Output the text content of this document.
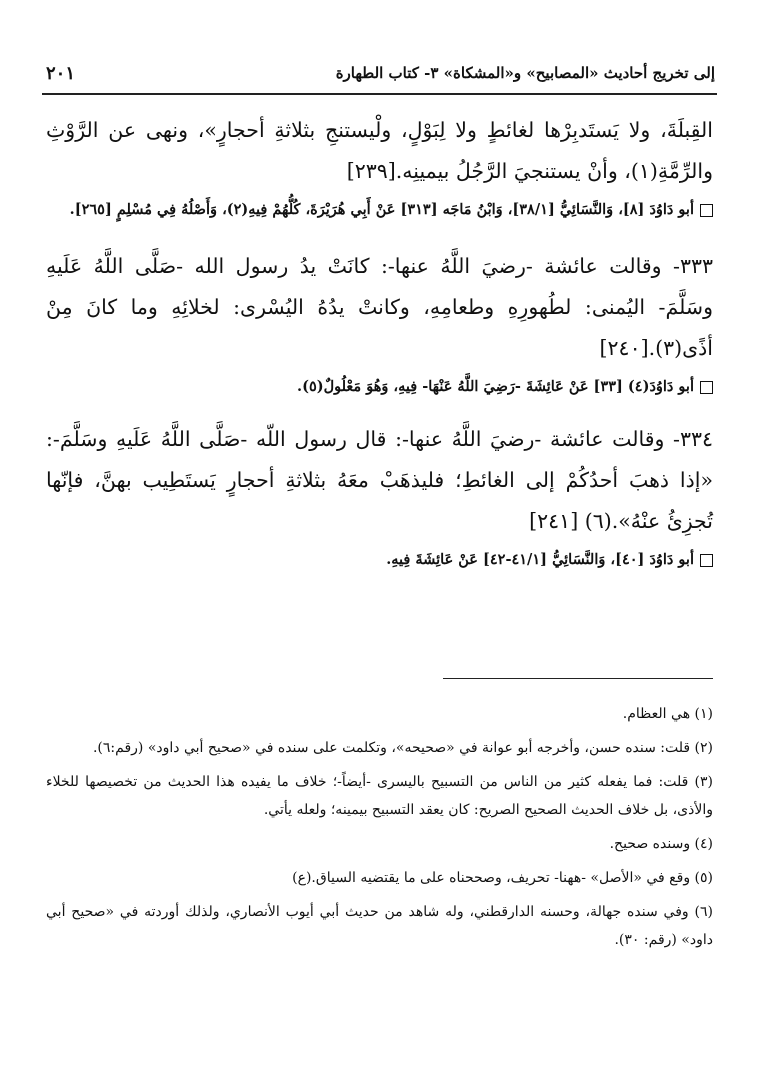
إلى تخريج أحاديث «المصابيح» و«المشكاة» ٣- كتاب الطهارة
٢٠١

القِبلَةَ، ولا يَستَدبِرْها لغائطٍ ولا لِبَوْلٍ، ولْيستنجِ بثلاثةِ أحجارٍ»، ونهى عن الرَّوْثِ والرِّمَّةِ(١)، وأنْ يستنجيَ الرَّجُلُ بيمينِه.[٢٣٩]

أبو دَاوُدَ [٨]، وَالنَّسَائِيُّ [٣٨/١]، وَابْنُ مَاجَه [٣١٣] عَنْ أَبِي هُرَيْرَةَ، كُلُّهُمْ فِيهِ(٢)، وَأَصْلُهُ فِي مُسْلِمٍ [٢٦٥].

٣٣٣- وقالت عائشة -رضيَ اللَّهُ عنها-: كانَتْ يدُ رسول الله -صَلَّى اللَّهُ عَلَيهِ وسَلَّمَ- اليُمنى: لطُهورِهِ وطعامِهِ، وكانتْ يدُهُ اليُسْرى: لخلائِهِ وما كانَ مِنْ أذًى(٣).[٢٤٠]

أبو دَاوُدَ(٤) [٣٣] عَنْ عَائِشَةَ -رَضِيَ اللَّهُ عَنْهَا- فِيهِ، وَهُوَ مَعْلُولٌ(٥).

٣٣٤- وقالت عائشة -رضيَ اللَّهُ عنها-: قال رسول اللّه -صَلَّى اللَّهُ عَلَيهِ وسَلَّمَ-: «إذا ذهبَ أحدُكُمْ إلى الغائطِ؛ فليذهَبْ معَهُ بثلاثةِ أحجارٍ يَستَطِيب بهنَّ، فإنّها تُجزِئُ عنْهُ».(٦) [٢٤١]

أبو دَاوُدَ [٤٠]، وَالنَّسَائِيُّ [٤١/١-٤٢] عَنْ عَائِشَةَ فِيهِ.

(١) هي العظام.

(٢) قلت: سنده حسن، وأخرجه أبو عوانة في «صحيحه»، وتكلمت على سنده في «صحيح أبي داود» (رقم:٦).

(٣) قلت: فما يفعله كثير من الناس من التسبيح باليسرى -أيضاً-؛ خلاف ما يفيده هذا الحديث من تخصيصها للخلاء والأذى، بل خلاف الحديث الصحيح الصريح: كان يعقد التسبيح بيمينه؛ ولعله يأتي.

(٤) وسنده صحيح.

(٥) وقع في «الأصل» -ههنا- تحريف، وصححناه على ما يقتضيه السياق.(ع)

(٦) وفي سنده جهالة، وحسنه الدارقطني، وله شاهد من حديث أبي أيوب الأنصاري، ولذلك أوردته في «صحيح أبي داود» (رقم: ٣٠).
